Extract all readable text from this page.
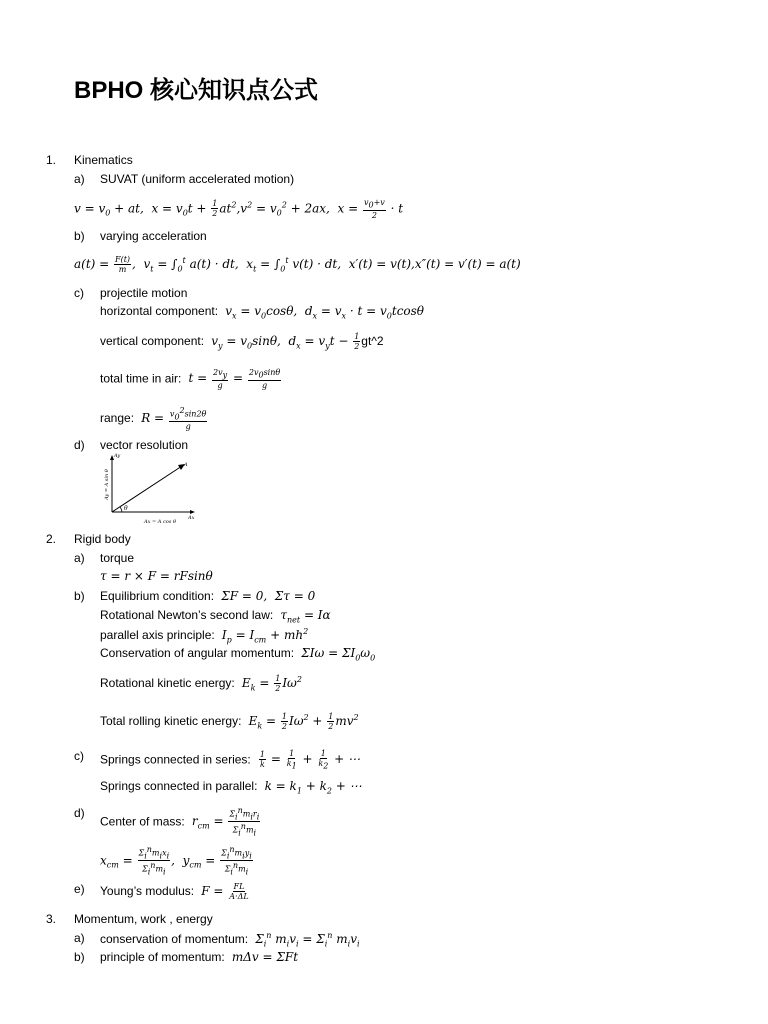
BPHO 核心知识点公式
1. Kinematics
a) SUVAT (uniform accelerated motion)
$v = v_0$ + at,  $x = v_0t + \frac{1}{2} at^2,v^2 = v_0^2 + 2ax$,  $x = \frac{v_0+v}{2} \cdot t$
b) varying acceleration
$a(t) = \frac{F(t)}{m}$ ,  $v_t = \int_0^t$ a(t) · dt,  $x_t = \int_0^t$ v(t) · dt,  x′(t) = v(t),x″(t) = v′(t) = a(t)
c) projectile motion
horizontal component:  $v_x = v_0\cos\theta$,  $d_x = v_x \cdot t = v_0tcos\theta$
vertical component:  $v_y = v_0\sin\theta$,  $d_x = v_yt - \frac{1}{2}$ gt^2
total time in air:  $t = \frac{2v_y}{g} = \frac{2v_0\sin\theta}{g}$
range:  $R = \frac{v_0^2\sin 2\theta}{g}$
d) vector resolution
Ay
A
Ax
θ
Ax = A cos θ
Ay = A sin θ
2. Rigid body
a) torque
τ = r × F = rFsinθ
b) Equilibrium condition:  ΣF = 0,  Στ = 0
Rotational Newton’s second law:  $\tau_{net} = I\alpha$
parallel axis principle:  $I_p = I_{cm} + mh^2$
Conservation of angular momentum:  $\Sigma I\omega = \Sigma I_0\omega_0$
Rotational kinetic energy:  $E_k = \frac{1}{2} I\omega^2$
Total rolling kinetic energy:  $E_k = \frac{1}{2} I\omega^2 + \frac{1}{2} mv^2$
c) Springs connected in series: $\frac{1}{k} = \frac{1}{k_1} + \frac{1}{k_2}$ + ⋯
Springs connected in parallel:  $k = k_1 + k_2$ + ⋯
d)
Center of mass:  $r_{cm} = \frac{\Sigma_i^nm_ir_i}{\Sigma_i^nm_i}$
$x_{cm} = \frac{\Sigma_i^nm_ix_i}{\Sigma_i^nm_i}$ ,  $y_{cm} = \frac{\Sigma_i^nm_iy_i}{\Sigma_i^nm_i}$
e) Young’s modulus:  $F = \frac{FL}{A\cdot\Delta L}$
3. Momentum, work , energy
a) conservation of momentum:  $\Sigma_i^n$ $m_iv_i = \Sigma_i^n$ $m_iv_i$
b) principle of momentum:  mΔv = ΣFt
